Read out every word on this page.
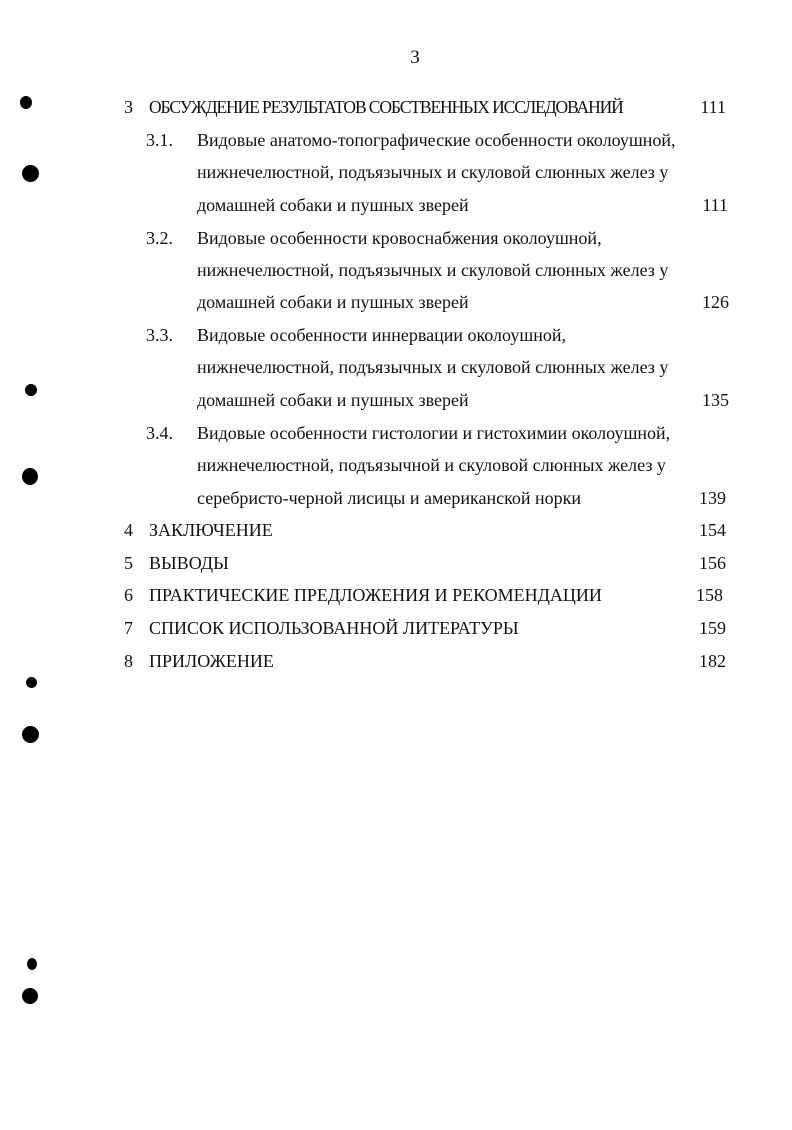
3
3 ОБСУЖДЕНИЕ РЕЗУЛЬТАТОВ СОБСТВЕННЫХ ИССЛЕДОВАНИЙ	111
3.1. Видовые анатомо-топографические особенности околоушной,
нижнечелюстной, подъязычных и скуловой слюнных желез у
домашней собаки и пушных зверей	111
3.2. Видовые особенности кровоснабжения околоушной,
нижнечелюстной, подъязычных и скуловой слюнных желез у
домашней собаки и пушных зверей	126
3.3. Видовые особенности иннервации околоушной,
нижнечелюстной, подъязычных и скуловой слюнных желез у
домашней собаки и пушных зверей	135
3.4. Видовые особенности гистологии и гистохимии околоушной,
нижнечелюстной, подъязычной и скуловой слюнных желез у
серебристо-черной лисицы и американской норки	139
4 ЗАКЛЮЧЕНИЕ	154
5 ВЫВОДЫ	156
6 ПРАКТИЧЕСКИЕ ПРЕДЛОЖЕНИЯ И РЕКОМЕНДАЦИИ	158
7 СПИСОК ИСПОЛЬЗОВАННОЙ ЛИТЕРАТУРЫ	159
8 ПРИЛОЖЕНИЕ	182
